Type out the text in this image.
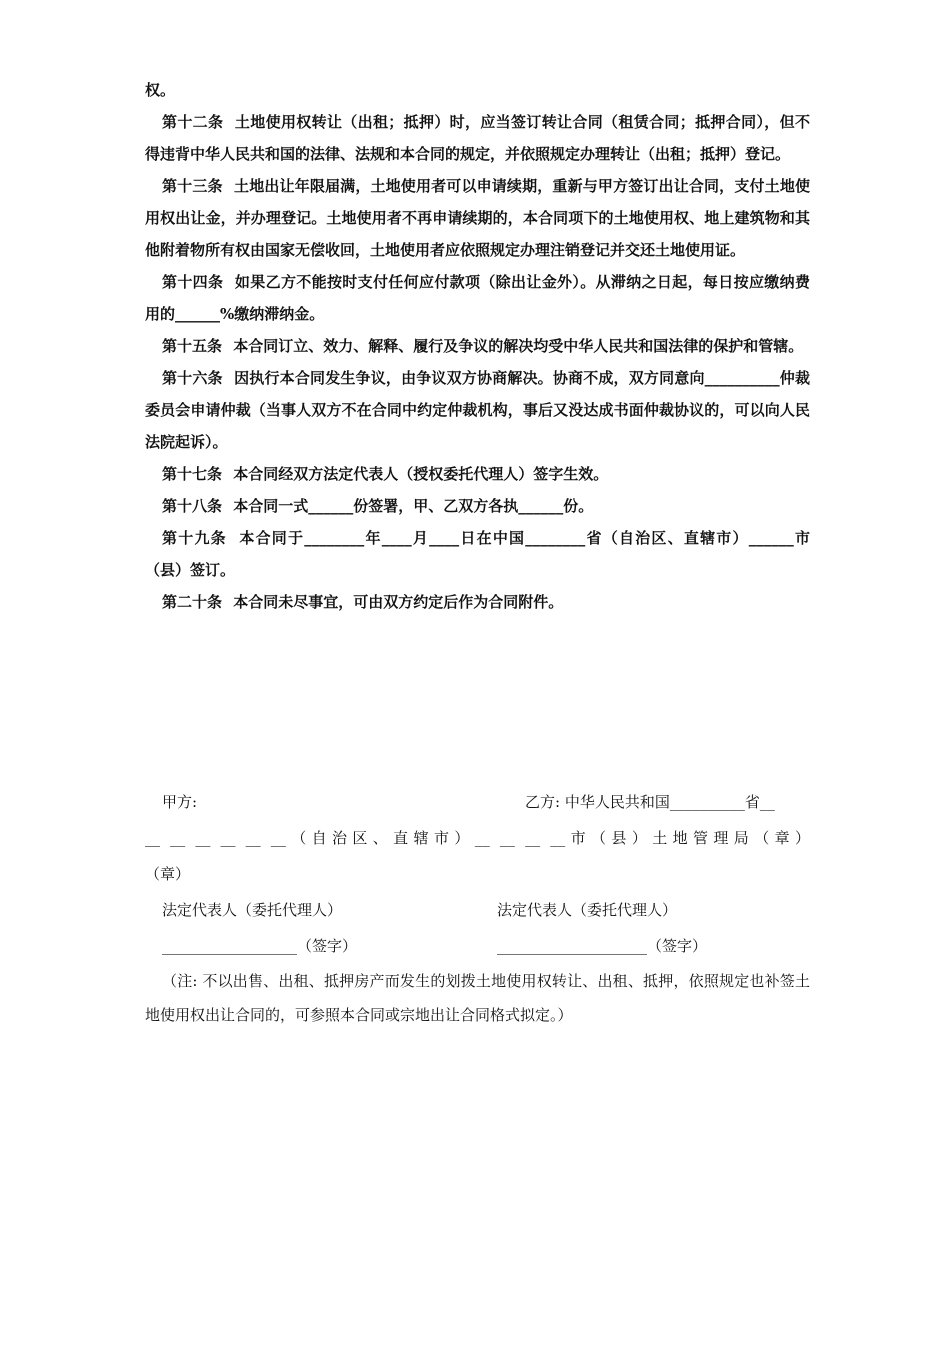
权。

第十二条 土地使用权转让（出租；抵押）时，应当签订转让合同（租赁合同；抵押合同），但不得违背中华人民共和国的法律、法规和本合同的规定，并依照规定办理转让（出租；抵押）登记。

第十三条 土地出让年限届满，土地使用者可以申请续期，重新与甲方签订出让合同，支付土地使用权出让金，并办理登记。土地使用者不再申请续期的，本合同项下的土地使用权、地上建筑物和其他附着物所有权由国家无偿收回，土地使用者应依照规定办理注销登记并交还土地使用证。

第十四条 如果乙方不能按时支付任何应付款项（除出让金外）。从滞纳之日起，每日按应缴纳费用的______%缴纳滞纳金。

第十五条 本合同订立、效力、解释、履行及争议的解决均受中华人民共和国法律的保护和管辖。

第十六条 因执行本合同发生争议，由争议双方协商解决。协商不成，双方同意向__________仲裁委员会申请仲裁（当事人双方不在合同中约定仲裁机构，事后又没达成书面仲裁协议的，可以向人民法院起诉）。

第十七条 本合同经双方法定代表人（授权委托代理人）签字生效。

第十八条 本合同一式______份签署，甲、乙双方各执______份。

第十九条 本合同于________年____月____日在中国________省（自治区、直辖市）______市（县）签订。

第二十条 本合同未尽事宜，可由双方约定后作为合同附件。

甲方:	乙方: 中华人民共和国__________省__
__ __ __ __ __ __（自治区、直辖市）__ __ __ __市（县）土地管理局（章）
（章）
法定代表人（委托代理人）	法定代表人（委托代理人）
__________________（签字）	____________________（签字）

（注: 不以出售、出租、抵押房产而发生的划拨土地使用权转让、出租、抵押，依照规定也补签土地使用权出让合同的，可参照本合同或宗地出让合同格式拟定。）
